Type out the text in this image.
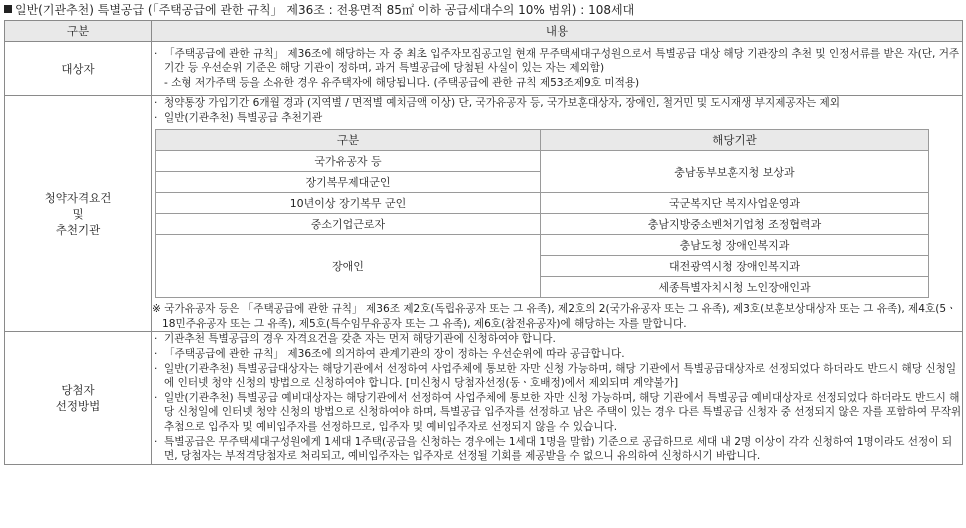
일반(기관추천) 특별공급 (「주택공급에 관한 규칙」 제36조 : 전용면적 85㎡ 이하 공급세대수의 10% 범위) : 108세대
구분	내용
대상자	
· 「주택공급에 관한 규칙」 제36조에 해당하는 자 중 최초 입주자모집공고일 현재 무주택세대구성원으로서 특별공급 대상 해당 기관장의 추천 및 인정서류를 받은 자(단, 거주기간 등 우선순위 기준은 해당 기관이 정하며, 과거 특별공급에 당첨된 사실이 있는 자는 제외함)
- 소형 저가주택 등을 소유한 경우 유주택자에 해당됩니다. (주택공급에 관한 규칙 제53조제9호 미적용)

청약자격요건
및
추천기관

· 청약통장 가입기간 6개월 경과 (지역별 / 면적별 예치금액 이상) 단, 국가유공자 등, 국가보훈대상자, 장애인, 철거민 및 도시재생 부지제공자는 제외
· 일반(기관추천) 특별공급 추천기관
구분	해당기관
국가유공자 등	충남동부보훈지청 보상과
장기복무제대군인
10년이상 장기복무 군인	국군복지단 복지사업운영과
중소기업근로자	충남지방중소벤처기업청 조정협력과
장애인	충남도청 장애인복지과
대전광역시청 장애인복지과
세종특별자치시청 노인장애인과
※ 국가유공자 등은 「주택공급에 관한 규칙」 제36조 제2호(독립유공자 또는 그 유족), 제2호의 2(국가유공자 또는 그 유족), 제3호(보훈보상대상자 또는 그 유족), 제4호(5ㆍ18민주유공자 또는 그 유족), 제5호(특수임무유공자 또는 그 유족), 제6호(참전유공자)에 해당하는 자를 말합니다.

당첨자
선정방법

· 기관추천 특별공급의 경우 자격요건을 갖춘 자는 먼저 해당기관에 신청하여야 합니다.
· 「주택공급에 관한 규칙」 제36조에 의거하여 관계기관의 장이 정하는 우선순위에 따라 공급합니다.
· 일반(기관추천) 특별공급대상자는 해당기관에서 선정하여 사업주체에 통보한 자만 신청 가능하며, 해당 기관에서 특별공급대상자로 선정되었다 하더라도 반드시 해당 신청일에 인터넷 청약 신청의 방법으로 신청하여야 합니다. [미신청시 당첨자선정(동ㆍ호배정)에서 제외되며 계약불가]
· 일반(기관추천) 특별공급 예비대상자는 해당기관에서 선정하여 사업주체에 통보한 자만 신청 가능하며, 해당 기관에서 특별공급 예비대상자로 선정되었다 하더라도 반드시 해당 신청일에 인터넷 청약 신청의 방법으로 신청하여야 하며, 특별공급 입주자를 선정하고 남은 주택이 있는 경우 다른 특별공급 신청자 중 선정되지 않은 자를 포함하여 무작위 추첨으로 입주자 및 예비입주자를 선정하므로, 입주자 및 예비입주자로 선정되지 않을 수 있습니다.
· 특별공급은 무주택세대구성원에게 1세대 1주택(공급을 신청하는 경우에는 1세대 1명을 말함) 기준으로 공급하므로 세대 내 2명 이상이 각각 신청하여 1명이라도 선정이 되면, 당첨자는 부적격당첨자로 처리되고, 예비입주자는 입주자로 선정될 기회를 제공받을 수 없으니 유의하여 신청하시기 바랍니다.
